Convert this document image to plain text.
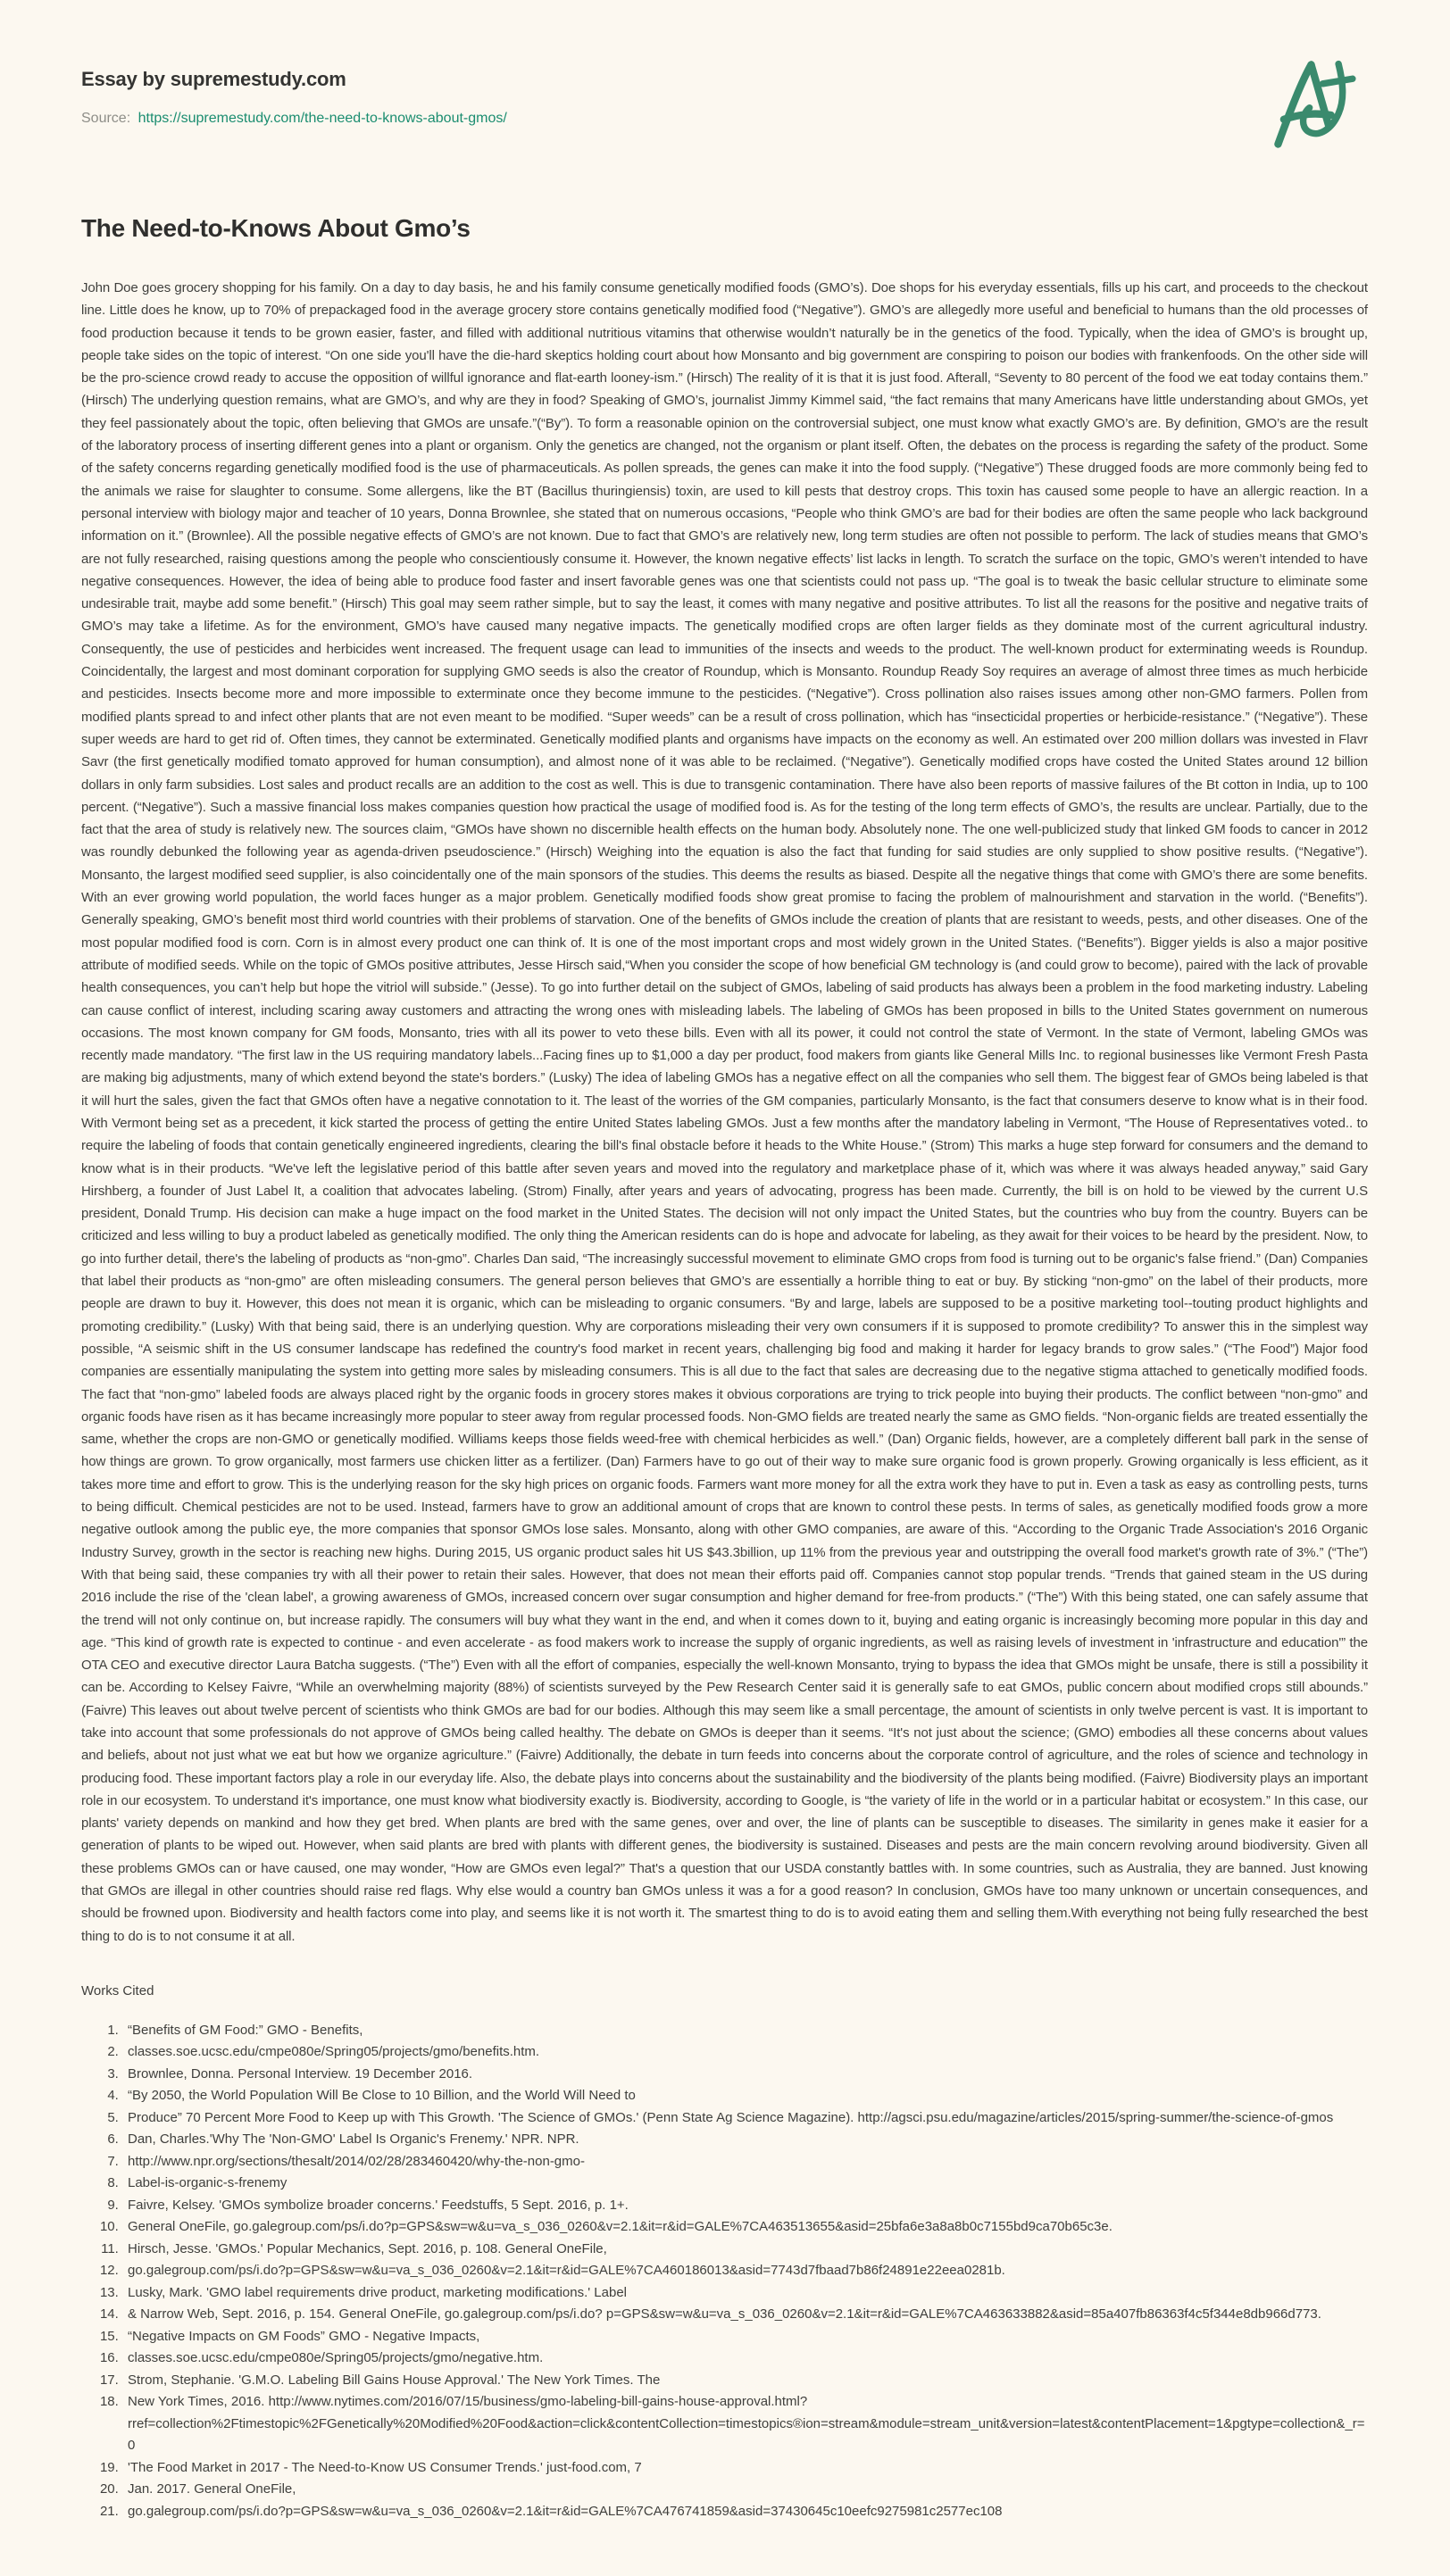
Essay by supremestudy.com

Source: https://supremestudy.com/the-need-to-knows-about-gmos/

The Need-to-Knows About Gmo’s

John Doe goes grocery shopping for his family. On a day to day basis, he and his family consume genetically modified foods (GMO’s). Doe shops for his everyday essentials, fills up his cart, and proceeds to the checkout line. Little does he know, up to 70% of prepackaged food in the average grocery store contains genetically modified food (“Negative”). GMO’s are allegedly more useful and beneficial to humans than the old processes of food production because it tends to be grown easier, faster, and filled with additional nutritious vitamins that otherwise wouldn’t naturally be in the genetics of the food. Typically, when the idea of GMO’s is brought up, people take sides on the topic of interest. “On one side you'll have the die-hard skeptics holding court about how Monsanto and big government are conspiring to poison our bodies with frankenfoods. On the other side will be the pro-science crowd ready to accuse the opposition of willful ignorance and flat-earth looney-ism.” (Hirsch) The reality of it is that it is just food. Afterall, “Seventy to 80 percent of the food we eat today contains them.” (Hirsch) The underlying question remains, what are GMO’s, and why are they in food? Speaking of GMO’s, journalist Jimmy Kimmel said, “the fact remains that many Americans have little understanding about GMOs, yet they feel passionately about the topic, often believing that GMOs are unsafe.”(“By”). To form a reasonable opinion on the controversial subject, one must know what exactly GMO’s are. By definition, GMO’s are the result of the laboratory process of inserting different genes into a plant or organism. Only the genetics are changed, not the organism or plant itself. Often, the debates on the process is regarding the safety of the product. Some of the safety concerns regarding genetically modified food is the use of pharmaceuticals. As pollen spreads, the genes can make it into the food supply. (“Negative”) These drugged foods are more commonly being fed to the animals we raise for slaughter to consume. Some allergens, like the BT (Bacillus thuringiensis) toxin, are used to kill pests that destroy crops. This toxin has caused some people to have an allergic reaction. In a personal interview with biology major and teacher of 10 years, Donna Brownlee, she stated that on numerous occasions, “People who think GMO’s are bad for their bodies are often the same people who lack background information on it.” (Brownlee). All the possible negative effects of GMO’s are not known. Due to fact that GMO’s are relatively new, long term studies are often not possible to perform. The lack of studies means that GMO’s are not fully researched, raising questions among the people who conscientiously consume it. However, the known negative effects’ list lacks in length. To scratch the surface on the topic, GMO’s weren’t intended to have negative consequences. However, the idea of being able to produce food faster and insert favorable genes was one that scientists could not pass up. “The goal is to tweak the basic cellular structure to eliminate some undesirable trait, maybe add some benefit.” (Hirsch) This goal may seem rather simple, but to say the least, it comes with many negative and positive attributes. To list all the reasons for the positive and negative traits of GMO’s may take a lifetime. As for the environment, GMO’s have caused many negative impacts. The genetically modified crops are often larger fields as they dominate most of the current agricultural industry. Consequently, the use of pesticides and herbicides went increased. The frequent usage can lead to immunities of the insects and weeds to the product. The well-known product for exterminating weeds is Roundup. Coincidentally, the largest and most dominant corporation for supplying GMO seeds is also the creator of Roundup, which is Monsanto. Roundup Ready Soy requires an average of almost three times as much herbicide and pesticides. Insects become more and more impossible to exterminate once they become immune to the pesticides. (“Negative”). Cross pollination also raises issues among other non-GMO farmers. Pollen from modified plants spread to and infect other plants that are not even meant to be modified. “Super weeds” can be a result of cross pollination, which has “insecticidal properties or herbicide-resistance.” (“Negative”). These super weeds are hard to get rid of. Often times, they cannot be exterminated. Genetically modified plants and organisms have impacts on the economy as well. An estimated over 200 million dollars was invested in Flavr Savr (the first genetically modified tomato approved for human consumption), and almost none of it was able to be reclaimed. (“Negative”). Genetically modified crops have costed the United States around 12 billion dollars in only farm subsidies. Lost sales and product recalls are an addition to the cost as well. This is due to transgenic contamination. There have also been reports of massive failures of the Bt cotton in India, up to 100 percent. (“Negative”). Such a massive financial loss makes companies question how practical the usage of modified food is. As for the testing of the long term effects of GMO’s, the results are unclear. Partially, due to the fact that the area of study is relatively new. The sources claim, “GMOs have shown no discernible health effects on the human body. Absolutely none. The one well-publicized study that linked GM foods to cancer in 2012 was roundly debunked the following year as agenda-driven pseudoscience.” (Hirsch) Weighing into the equation is also the fact that funding for said studies are only supplied to show positive results. (“Negative”). Monsanto, the largest modified seed supplier, is also coincidentally one of the main sponsors of the studies. This deems the results as biased. Despite all the negative things that come with GMO’s there are some benefits. With an ever growing world population, the world faces hunger as a major problem. Genetically modified foods show great promise to facing the problem of malnourishment and starvation in the world. (“Benefits”). Generally speaking, GMO’s benefit most third world countries with their problems of starvation. One of the benefits of GMOs include the creation of plants that are resistant to weeds, pests, and other diseases. One of the most popular modified food is corn. Corn is in almost every product one can think of. It is one of the most important crops and most widely grown in the United States. (“Benefits”). Bigger yields is also a major positive attribute of modified seeds. While on the topic of GMOs positive attributes, Jesse Hirsch said,“When you consider the scope of how beneficial GM technology is (and could grow to become), paired with the lack of provable health consequences, you can’t help but hope the vitriol will subside.” (Jesse). To go into further detail on the subject of GMOs, labeling of said products has always been a problem in the food marketing industry. Labeling can cause conflict of interest, including scaring away customers and attracting the wrong ones with misleading labels. The labeling of GMOs has been proposed in bills to the United States government on numerous occasions. The most known company for GM foods, Monsanto, tries with all its power to veto these bills. Even with all its power, it could not control the state of Vermont. In the state of Vermont, labeling GMOs was recently made mandatory. “The first law in the US requiring mandatory labels...Facing fines up to $1,000 a day per product, food makers from giants like General Mills Inc. to regional businesses like Vermont Fresh Pasta are making big adjustments, many of which extend beyond the state's borders.” (Lusky) The idea of labeling GMOs has a negative effect on all the companies who sell them. The biggest fear of GMOs being labeled is that it will hurt the sales, given the fact that GMOs often have a negative connotation to it. The least of the worries of the GM companies, particularly Monsanto, is the fact that consumers deserve to know what is in their food. With Vermont being set as a precedent, it kick started the process of getting the entire United States labeling GMOs. Just a few months after the mandatory labeling in Vermont, “The House of Representatives voted.. to require the labeling of foods that contain genetically engineered ingredients, clearing the bill's final obstacle before it heads to the White House.” (Strom) This marks a huge step forward for consumers and the demand to know what is in their products. “We've left the legislative period of this battle after seven years and moved into the regulatory and marketplace phase of it, which was where it was always headed anyway,” said Gary Hirshberg, a founder of Just Label It, a coalition that advocates labeling. (Strom) Finally, after years and years of advocating, progress has been made. Currently, the bill is on hold to be viewed by the current U.S president, Donald Trump. His decision can make a huge impact on the food market in the United States. The decision will not only impact the United States, but the countries who buy from the country. Buyers can be criticized and less willing to buy a product labeled as genetically modified. The only thing the American residents can do is hope and advocate for labeling, as they await for their voices to be heard by the president. Now, to go into further detail, there's the labeling of products as “non-gmo”. Charles Dan said, “The increasingly successful movement to eliminate GMO crops from food is turning out to be organic's false friend.” (Dan) Companies that label their products as “non-gmo” are often misleading consumers. The general person believes that GMO’s are essentially a horrible thing to eat or buy. By sticking “non-gmo” on the label of their products, more people are drawn to buy it. However, this does not mean it is organic, which can be misleading to organic consumers. “By and large, labels are supposed to be a positive marketing tool--touting product highlights and promoting credibility.” (Lusky) With that being said, there is an underlying question. Why are corporations misleading their very own consumers if it is supposed to promote credibility? To answer this in the simplest way possible, “A seismic shift in the US consumer landscape has redefined the country's food market in recent years, challenging big food and making it harder for legacy brands to grow sales.” (“The Food”) Major food companies are essentially manipulating the system into getting more sales by misleading consumers. This is all due to the fact that sales are decreasing due to the negative stigma attached to genetically modified foods. The fact that “non-gmo” labeled foods are always placed right by the organic foods in grocery stores makes it obvious corporations are trying to trick people into buying their products. The conflict between “non-gmo” and organic foods have risen as it has became increasingly more popular to steer away from regular processed foods. Non-GMO fields are treated nearly the same as GMO fields. “Non-organic fields are treated essentially the same, whether the crops are non-GMO or genetically modified. Williams keeps those fields weed-free with chemical herbicides as well.” (Dan) Organic fields, however, are a completely different ball park in the sense of how things are grown. To grow organically, most farmers use chicken litter as a fertilizer. (Dan) Farmers have to go out of their way to make sure organic food is grown properly. Growing organically is less efficient, as it takes more time and effort to grow. This is the underlying reason for the sky high prices on organic foods. Farmers want more money for all the extra work they have to put in. Even a task as easy as controlling pests, turns to being difficult. Chemical pesticides are not to be used. Instead, farmers have to grow an additional amount of crops that are known to control these pests. In terms of sales, as genetically modified foods grow a more negative outlook among the public eye, the more companies that sponsor GMOs lose sales. Monsanto, along with other GMO companies, are aware of this. “According to the Organic Trade Association's 2016 Organic Industry Survey, growth in the sector is reaching new highs. During 2015, US organic product sales hit US $43.3billion, up 11% from the previous year and outstripping the overall food market's growth rate of 3%.” (“The”) With that being said, these companies try with all their power to retain their sales. However, that does not mean their efforts paid off. Companies cannot stop popular trends. “Trends that gained steam in the US during 2016 include the rise of the 'clean label', a growing awareness of GMOs, increased concern over sugar consumption and higher demand for free-from products.” (“The”) With this being stated, one can safely assume that the trend will not only continue on, but increase rapidly. The consumers will buy what they want in the end, and when it comes down to it, buying and eating organic is increasingly becoming more popular in this day and age. “This kind of growth rate is expected to continue - and even accelerate - as food makers work to increase the supply of organic ingredients, as well as raising levels of investment in 'infrastructure and education'” the OTA CEO and executive director Laura Batcha suggests. (“The”) Even with all the effort of companies, especially the well-known Monsanto, trying to bypass the idea that GMOs might be unsafe, there is still a possibility it can be. According to Kelsey Faivre, “While an overwhelming majority (88%) of scientists surveyed by the Pew Research Center said it is generally safe to eat GMOs, public concern about modified crops still abounds.” (Faivre) This leaves out about twelve percent of scientists who think GMOs are bad for our bodies. Although this may seem like a small percentage, the amount of scientists in only twelve percent is vast. It is important to take into account that some professionals do not approve of GMOs being called healthy. The debate on GMOs is deeper than it seems. “It's not just about the science; (GMO) embodies all these concerns about values and beliefs, about not just what we eat but how we organize agriculture.” (Faivre) Additionally, the debate in turn feeds into concerns about the corporate control of agriculture, and the roles of science and technology in producing food. These important factors play a role in our everyday life. Also, the debate plays into concerns about the sustainability and the biodiversity of the plants being modified. (Faivre) Biodiversity plays an important role in our ecosystem. To understand it's importance, one must know what biodiversity exactly is. Biodiversity, according to Google, is “the variety of life in the world or in a particular habitat or ecosystem.” In this case, our plants' variety depends on mankind and how they get bred. When plants are bred with the same genes, over and over, the line of plants can be susceptible to diseases. The similarity in genes make it easier for a generation of plants to be wiped out. However, when said plants are bred with plants with different genes, the biodiversity is sustained. Diseases and pests are the main concern revolving around biodiversity. Given all these problems GMOs can or have caused, one may wonder, “How are GMOs even legal?” That's a question that our USDA constantly battles with. In some countries, such as Australia, they are banned. Just knowing that GMOs are illegal in other countries should raise red flags. Why else would a country ban GMOs unless it was a for a good reason? In conclusion, GMOs have too many unknown or uncertain consequences, and should be frowned upon. Biodiversity and health factors come into play, and seems like it is not worth it. The smartest thing to do is to avoid eating them and selling them.With everything not being fully researched the best thing to do is to not consume it at all.

Works Cited

1. “Benefits of GM Food:” GMO - Benefits,
2. classes.soe.ucsc.edu/cmpe080e/Spring05/projects/gmo/benefits.htm.
3. Brownlee, Donna. Personal Interview. 19 December 2016.
4. “By 2050, the World Population Will Be Close to 10 Billion, and the World Will Need to
5. Produce” 70 Percent More Food to Keep up with This Growth. 'The Science of GMOs.' (Penn State Ag Science Magazine). http://agsci.psu.edu/magazine/articles/2015/spring-summer/the-science-of-gmos
6. Dan, Charles.'Why The 'Non-GMO' Label Is Organic's Frenemy.' NPR. NPR.
7. http://www.npr.org/sections/thesalt/2014/02/28/283460420/why-the-non-gmo-
8. Label-is-organic-s-frenemy
9. Faivre, Kelsey. 'GMOs symbolize broader concerns.' Feedstuffs, 5 Sept. 2016, p. 1+.
10. General OneFile, go.galegroup.com/ps/i.do?p=GPS&sw=w&u=va_s_036_0260&v=2.1&it=r&id=GALE%7CA463513655&asid=25bfa6e3a8a8b0c7155bd9ca70b65c3e.
11. Hirsch, Jesse. 'GMOs.' Popular Mechanics, Sept. 2016, p. 108. General OneFile,
12. go.galegroup.com/ps/i.do?p=GPS&sw=w&u=va_s_036_0260&v=2.1&it=r&id=GALE%7CA460186013&asid=7743d7fbaad7b86f24891e22eea0281b.
13. Lusky, Mark. 'GMO label requirements drive product, marketing modifications.' Label
14. & Narrow Web, Sept. 2016, p. 154. General OneFile, go.galegroup.com/ps/i.do? p=GPS&sw=w&u=va_s_036_0260&v=2.1&it=r&id=GALE%7CA463633882&asid=85a407fb86363f4c5f344e8db966d773.
15. “Negative Impacts on GM Foods” GMO - Negative Impacts,
16. classes.soe.ucsc.edu/cmpe080e/Spring05/projects/gmo/negative.htm.
17. Strom, Stephanie. 'G.M.O. Labeling Bill Gains House Approval.' The New York Times. The
18. New York Times, 2016. http://www.nytimes.com/2016/07/15/business/gmo-labeling-bill-gains-house-approval.html? rref=collection%2Ftimestopic%2FGenetically%20Modified%20Food&action=click&contentCollection=timestopics®ion=stream&module=stream_unit&version=latest&contentPlacement=1&pgtype=collection&_r=0
19. 'The Food Market in 2017 - The Need-to-Know US Consumer Trends.' just-food.com, 7
20. Jan. 2017. General OneFile,
21. go.galegroup.com/ps/i.do?p=GPS&sw=w&u=va_s_036_0260&v=2.1&it=r&id=GALE%7CA476741859&asid=37430645c10eefc9275981c2577ec108
